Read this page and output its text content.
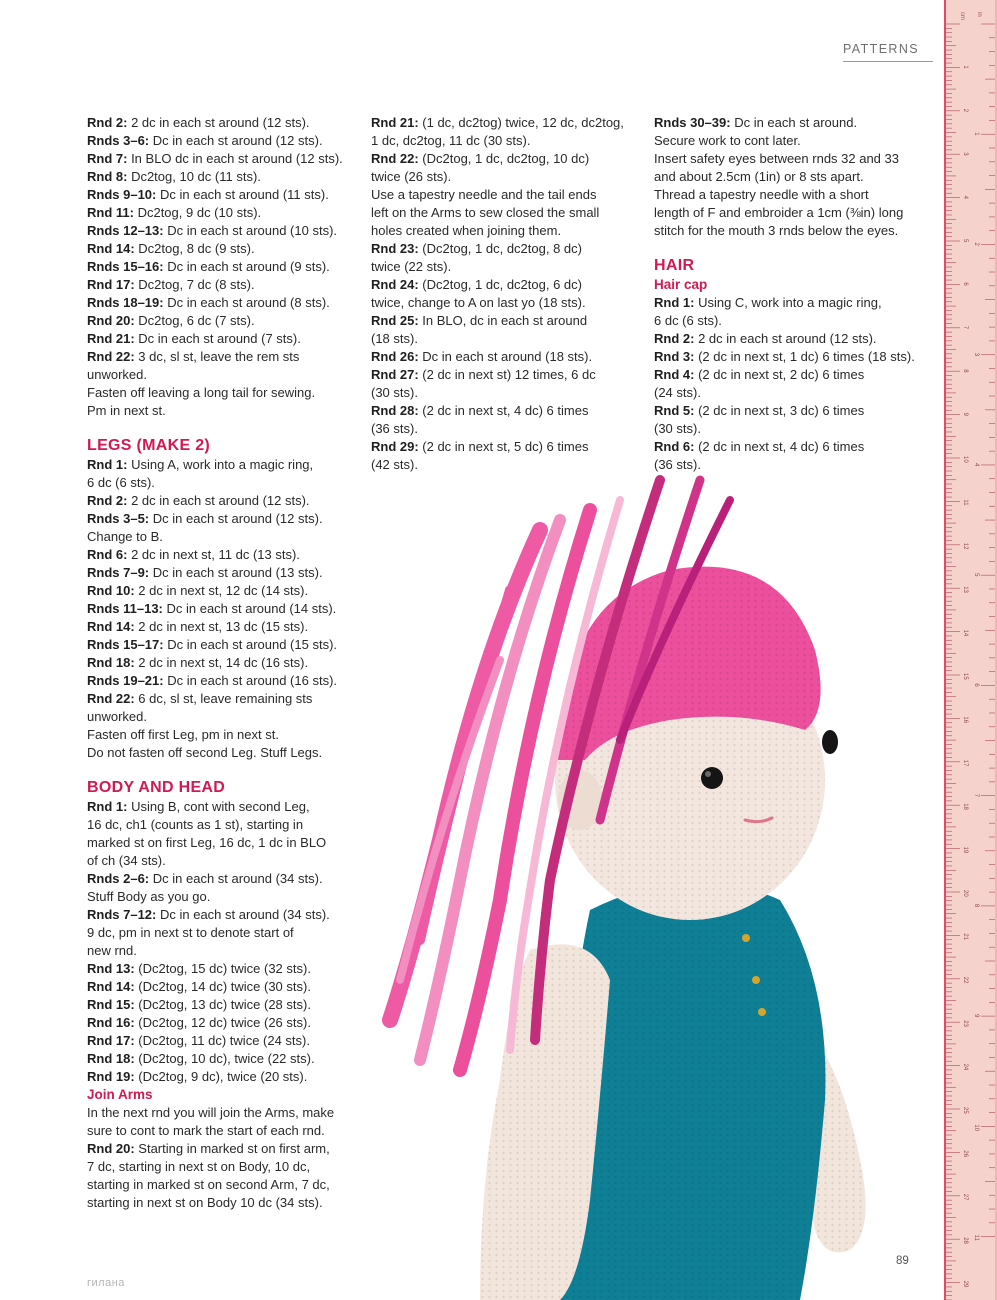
PATTERNS
Rnd 2: 2 dc in each st around (12 sts).
Rnds 3–6: Dc in each st around (12 sts).
Rnd 7: In BLO dc in each st around (12 sts).
Rnd 8: Dc2tog, 10 dc (11 sts).
Rnds 9–10: Dc in each st around (11 sts).
Rnd 11: Dc2tog, 9 dc (10 sts).
Rnds 12–13: Dc in each st around (10 sts).
Rnd 14: Dc2tog, 8 dc (9 sts).
Rnds 15–16: Dc in each st around (9 sts).
Rnd 17: Dc2tog, 7 dc (8 sts).
Rnds 18–19: Dc in each st around (8 sts).
Rnd 20: Dc2tog, 6 dc (7 sts).
Rnd 21: Dc in each st around (7 sts).
Rnd 22: 3 dc, sl st, leave the rem sts
unworked.
Fasten off leaving a long tail for sewing.
Pm in next st.
LEGS (MAKE 2)
Rnd 1: Using A, work into a magic ring,
6 dc (6 sts).
Rnd 2: 2 dc in each st around (12 sts).
Rnds 3–5: Dc in each st around (12 sts).
Change to B.
Rnd 6: 2 dc in next st, 11 dc (13 sts).
Rnds 7–9: Dc in each st around (13 sts).
Rnd 10: 2 dc in next st, 12 dc (14 sts).
Rnds 11–13: Dc in each st around (14 sts).
Rnd 14: 2 dc in next st, 13 dc (15 sts).
Rnds 15–17: Dc in each st around (15 sts).
Rnd 18: 2 dc in next st, 14 dc (16 sts).
Rnds 19–21: Dc in each st around (16 sts).
Rnd 22: 6 dc, sl st, leave remaining sts
unworked.
Fasten off first Leg, pm in next st.
Do not fasten off second Leg. Stuff Legs.
BODY AND HEAD
Rnd 1: Using B, cont with second Leg,
16 dc, ch1 (counts as 1 st), starting in
marked st on first Leg, 16 dc, 1 dc in BLO
of ch (34 sts).
Rnds 2–6: Dc in each st around (34 sts).
Stuff Body as you go.
Rnds 7–12: Dc in each st around (34 sts).
9 dc, pm in next st to denote start of
new rnd.
Rnd 13: (Dc2tog, 15 dc) twice (32 sts).
Rnd 14: (Dc2tog, 14 dc) twice (30 sts).
Rnd 15: (Dc2tog, 13 dc) twice (28 sts).
Rnd 16: (Dc2tog, 12 dc) twice (26 sts).
Rnd 17: (Dc2tog, 11 dc) twice (24 sts).
Rnd 18: (Dc2tog, 10 dc), twice (22 sts).
Rnd 19: (Dc2tog, 9 dc), twice (20 sts).
Join Arms
In the next rnd you will join the Arms, make
sure to cont to mark the start of each rnd.
Rnd 20: Starting in marked st on first arm,
7 dc, starting in next st on Body, 10 dc,
starting in marked st on second Arm, 7 dc,
starting in next st on Body 10 dc (34 sts).
Rnd 21: (1 dc, dc2tog) twice, 12 dc, dc2tog,
1 dc, dc2tog, 11 dc (30 sts).
Rnd 22: (Dc2tog, 1 dc, dc2tog, 10 dc)
twice (26 sts).
Use a tapestry needle and the tail ends
left on the Arms to sew closed the small
holes created when joining them.
Rnd 23: (Dc2tog, 1 dc, dc2tog, 8 dc)
twice (22 sts).
Rnd 24: (Dc2tog, 1 dc, dc2tog, 6 dc)
twice, change to A on last yo (18 sts).
Rnd 25: In BLO, dc in each st around
(18 sts).
Rnd 26: Dc in each st around (18 sts).
Rnd 27: (2 dc in next st) 12 times, 6 dc
(30 sts).
Rnd 28: (2 dc in next st, 4 dc) 6 times
(36 sts).
Rnd 29: (2 dc in next st, 5 dc) 6 times
(42 sts).
Rnds 30–39: Dc in each st around.
Secure work to cont later.
Insert safety eyes between rnds 32 and 33
and about 2.5cm (1in) or 8 sts apart.
Thread a tapestry needle with a short
length of F and embroider a 1cm (⅜in) long
stitch for the mouth 3 rnds below the eyes.
HAIR
Hair cap
Rnd 1: Using C, work into a magic ring,
6 dc (6 sts).
Rnd 2: 2 dc in each st around (12 sts).
Rnd 3: (2 dc in next st, 1 dc) 6 times (18 sts).
Rnd 4: (2 dc in next st, 2 dc) 6 times
(24 sts).
Rnd 5: (2 dc in next st, 3 dc) 6 times
(30 sts).
Rnd 6: (2 dc in next st, 4 dc) 6 times
(36 sts).
89
гилана
1
2
3
4
5
6
7
8
9
10
11
12
13
14
15
16
17
18
19
20
21
22
23
24
25
26
27
28
29
1
2
3
4
5
6
7
8
9
10
11
cm in
